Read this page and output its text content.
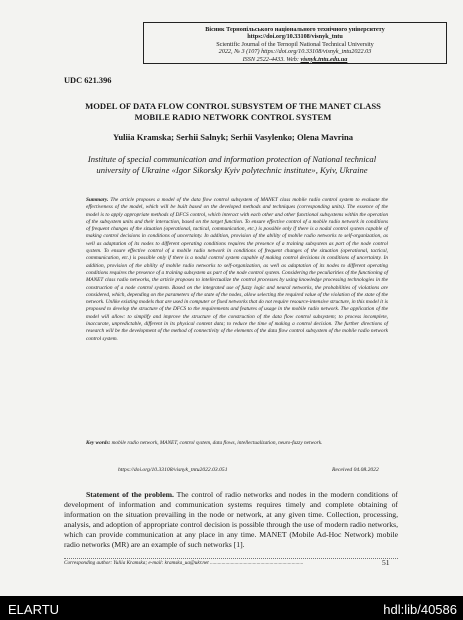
Вісник Тернопільського національного технічного університету
https://doi.org/10.33108/visnyk_tntu
Scientific Journal of the Ternopil National Technical University
2022, № 3 (107) https://doi.org/10.33108/visnyk_tntu2022.03
ISSN 2522-4433. Web: visnyk.tntu.edu.ua
UDC 621.396
MODEL OF DATA FLOW CONTROL SUBSYSTEM OF THE MANET CLASS MOBILE RADIO NETWORK CONTROL SYSTEM
Yuliia Kramska; Serhii Salnyk; Serhii Vasylenko; Olena Mavrina
Institute of special communication and information protection of National technical university of Ukraine «Igor Sikorsky Kyiv polytechnic institute», Kyiv, Ukraine
Summary. The article proposes a model of the data flow control subsystem of MANET class mobile radio control system to evaluate the effectiveness of the model, which will be built based on the developed methods and techniques (corresponding units). The essence of the model is to apply appropriate methods of DFCS control, which interact with each other and other functional subsystems within the operation of the subsystem units and their interaction, based on the target function. To ensure effective control of a mobile radio network in conditions of frequent changes of the situation (operational, tactical, communication, etc.) is possible only if there is a nodal control system capable of making control decisions in conditions of uncertainty. In addition, provision of the ability of mobile radio networks to self-organization, as well as adaptation of its nodes to different operating conditions requires the presence of a training subsystem as part of the node control system. To ensure effective control of a mobile radio network in conditions of frequent changes of the situation (operational, tactical, communication, etc.) is possible only if there is a nodal control system capable of making control decisions in conditions of uncertainty. In addition, provision of the ability of mobile radio networks to self-organization, as well as adaptation of its nodes to different operating conditions requires the presence of a training subsystem as part of the node control system. Considering the peculiarities of the functioning of MANET class radio networks, the article proposes to intellectualize the control processes by using knowledge processing technologies in the construction of a node control system. Based on the integrated use of fuzzy logic and neural networks, the probabilities of violations are considered, which, depending on the parameters of the state of the nodes, allow selecting the required value of the violation of the state of the network. Unlike existing models that are used in computer or fixed networks that do not require resource-intensive structure, in this model it is proposed to develop the structure of the DFCS to the requirements and features of usage in the mobile radio network. The application of the model will allow: to simplify and improve the structure of the construction of the data flow control subsystem; to process incomplete, inaccurate, unpredictable, different in its physical content data; to reduce the time of making a control decision. The further directions of research will be the development of the method of connectivity of the elements of the data flow control subsystem of the mobile radio network control system.
Key words: mobile radio network, MANET, control system, data flows, intellectualization, neuro-fuzzy network.
https://doi.org/10.33108/visnyk_tntu2022.03.051	Received 04.08.2022
Statement of the problem. The control of radio networks and nodes in the modern conditions of development of information and communication systems requires timely and complete obtaining of information on the situation prevailing in the node or network, at any given time. Collection, processing, analysis, and adoption of appropriate control decision is possible through the use of modern radio networks, which can provide communication at any place in any time. MANET (Mobile Ad-Hoc Network) mobile radio networks (MR) are an example of such networks [1].
Corresponding author: Yuliia Kramska; e-mail: kramska_ua@ukr.net ........................................................................	51
ELARTU	hdl:lib/40586
